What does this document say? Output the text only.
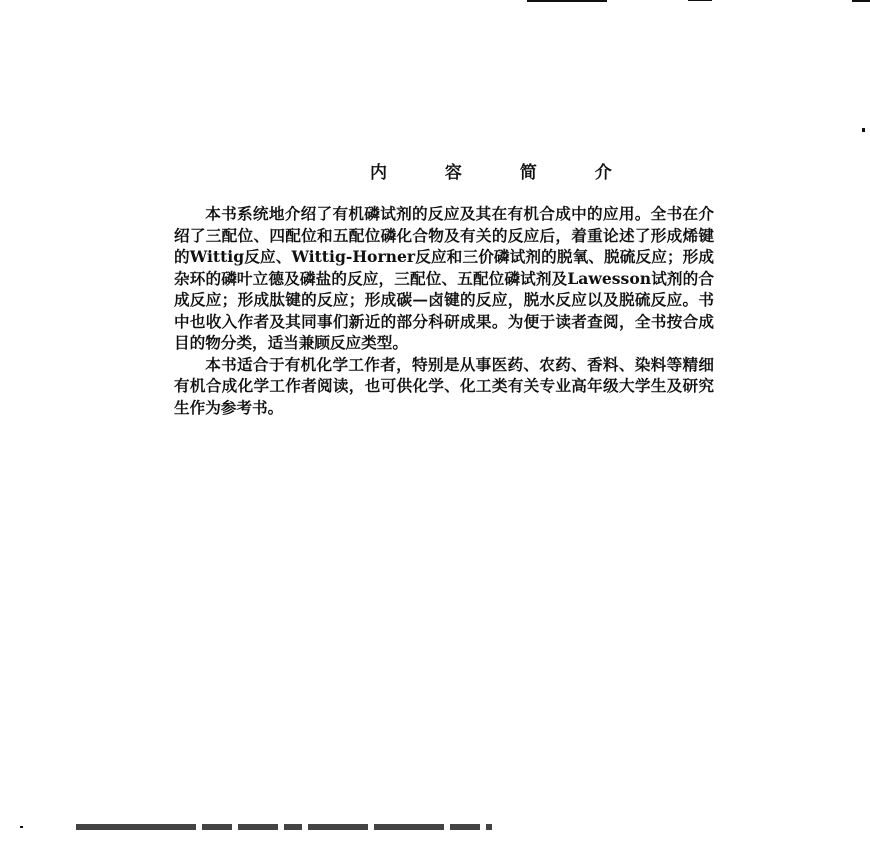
内 容 简 介

本书系统地介绍了有机磷试剂的反应及其在有机合成中的应用。全书在介绍了三配位、四配位和五配位磷化合物及有关的反应后，着重论述了形成烯键的Wittig反应、Wittig-Horner反应和三价磷试剂的脱氧、脱硫反应；形成杂环的磷叶立德及磷盐的反应，三配位、五配位磷试剂及Lawesson试剂的合成反应；形成肽键的反应；形成碳—卤键的反应，脱水反应以及脱硫反应。书中也收入作者及其同事们新近的部分科研成果。为便于读者查阅，全书按合成目的物分类，适当兼顾反应类型。

本书适合于有机化学工作者，特别是从事医药、农药、香料、染料等精细有机合成化学工作者阅读，也可供化学、化工类有关专业高年级大学生及研究生作为参考书。
